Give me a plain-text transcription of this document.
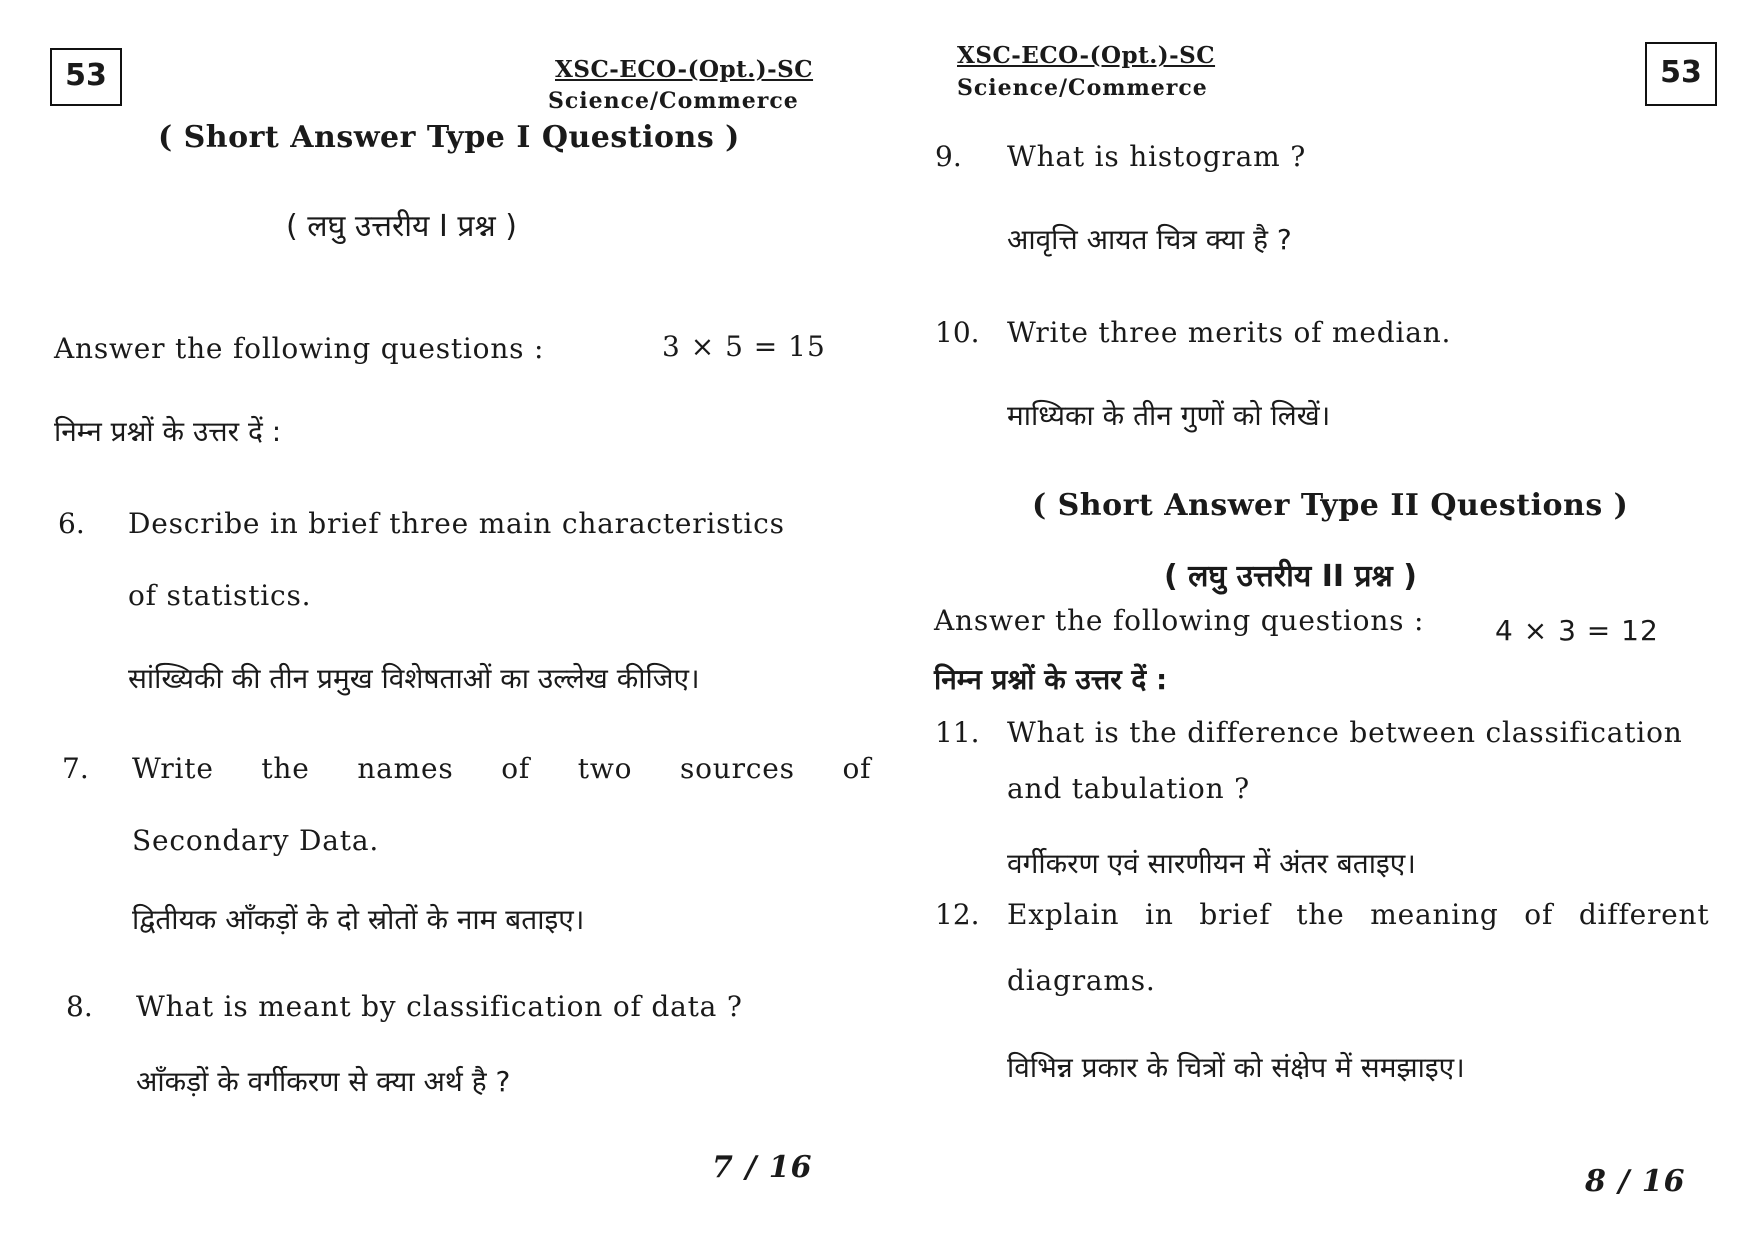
53	XSC-ECO-(Opt.)-SC
Science/Commerce
( Short Answer Type I Questions )
( लघु उत्तरीय I प्रश्न )
Answer the following questions :	3 × 5 = 15
निम्न प्रश्नों के उत्तर दें :
6. Describe in brief three main characteristics
of statistics.
सांख्यिकी की तीन प्रमुख विशेषताओं का उल्लेख कीजिए।
7. Write the names of two sources of
Secondary Data.
द्वितीयक आँकड़ों के दो स्रोतों के नाम बताइए।
8. What is meant by classification of data ?
आँकड़ों के वर्गीकरण से क्या अर्थ है ?
7 / 16
XSC-ECO-(Opt.)-SC
Science/Commerce	53
9. What is histogram ?
आवृत्ति आयत चित्र क्या है ?
10. Write three merits of median.
माध्यिका के तीन गुणों को लिखें।
( Short Answer Type II Questions )
( लघु उत्तरीय II प्रश्न )
Answer the following questions :	4 × 3 = 12
निम्न प्रश्नों के उत्तर दें :
11. What is the difference between classification
and tabulation ?
वर्गीकरण एवं सारणीयन में अंतर बताइए।
12. Explain in brief the meaning of different
diagrams.
विभिन्न प्रकार के चित्रों को संक्षेप में समझाइए।
8 / 16
